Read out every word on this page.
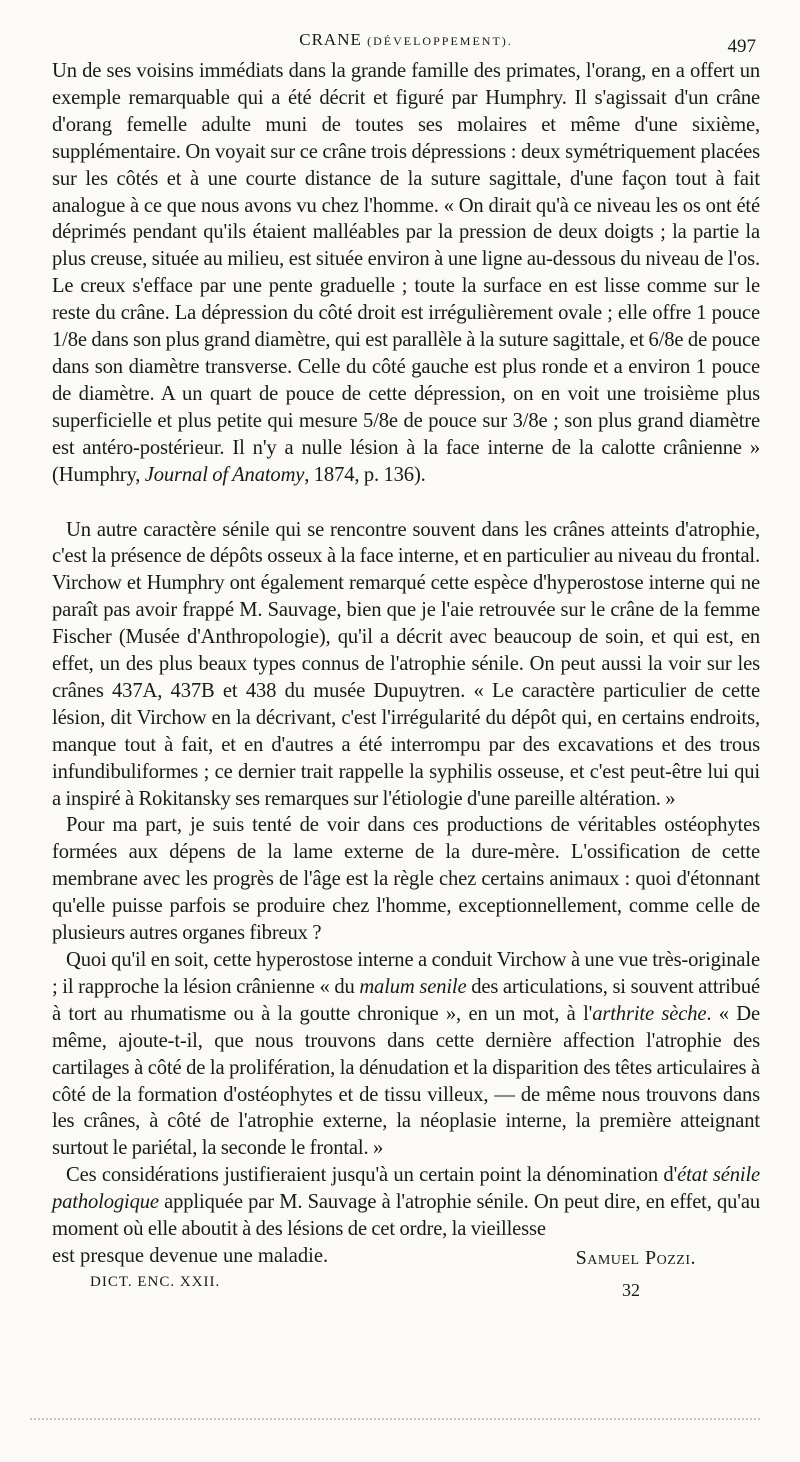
CRANE (DÉVELOPPEMENT).	497

Un de ses voisins immédiats dans la grande famille des primates, l'orang, en a offert un exemple remarquable qui a été décrit et figuré par Humphry. Il s'agissait d'un crâne d'orang femelle adulte muni de toutes ses molaires et même d'une sixième, supplémentaire. On voyait sur ce crâne trois dépressions : deux symétriquement placées sur les côtés et à une courte distance de la suture sagittale, d'une façon tout à fait analogue à ce que nous avons vu chez l'homme. « On dirait qu'à ce niveau les os ont été déprimés pendant qu'ils étaient malléables par la pression de deux doigts ; la partie la plus creuse, située au milieu, est située environ à une ligne au-dessous du niveau de l'os. Le creux s'efface par une pente graduelle ; toute la surface en est lisse comme sur le reste du crâne. La dépression du côté droit est irrégulièrement ovale ; elle offre 1 pouce 1/8e dans son plus grand diamètre, qui est parallèle à la suture sagittale, et 6/8e de pouce dans son diamètre transverse. Celle du côté gauche est plus ronde et a environ 1 pouce de diamètre. A un quart de pouce de cette dépression, on en voit une troisième plus superficielle et plus petite qui mesure 5/8e de pouce sur 3/8e ; son plus grand diamètre est antéro-postérieur. Il n'y a nulle lésion à la face interne de la calotte crânienne » (Humphry, Journal of Anatomy, 1874, p. 136).

Un autre caractère sénile qui se rencontre souvent dans les crânes atteints d'atrophie, c'est la présence de dépôts osseux à la face interne, et en particulier au niveau du frontal. Virchow et Humphry ont également remarqué cette espèce d'hyperostose interne qui ne paraît pas avoir frappé M. Sauvage, bien que je l'aie retrouvée sur le crâne de la femme Fischer (Musée d'Anthropologie), qu'il a décrit avec beaucoup de soin, et qui est, en effet, un des plus beaux types connus de l'atrophie sénile. On peut aussi la voir sur les crânes 437A, 437B et 438 du musée Dupuytren. « Le caractère particulier de cette lésion, dit Virchow en la décrivant, c'est l'irrégularité du dépôt qui, en certains endroits, manque tout à fait, et en d'autres a été interrompu par des excavations et des trous infundibuliformes ; ce dernier trait rappelle la syphilis osseuse, et c'est peut-être lui qui a inspiré à Rokitansky ses remarques sur l'étiologie d'une pareille altération. »

Pour ma part, je suis tenté de voir dans ces productions de véritables ostéophytes formées aux dépens de la lame externe de la dure-mère. L'ossification de cette membrane avec les progrès de l'âge est la règle chez certains animaux : quoi d'étonnant qu'elle puisse parfois se produire chez l'homme, exceptionnellement, comme celle de plusieurs autres organes fibreux ?

Quoi qu'il en soit, cette hyperostose interne a conduit Virchow à une vue très-originale ; il rapproche la lésion crânienne « du malum senile des articulations, si souvent attribué à tort au rhumatisme ou à la goutte chronique », en un mot, à l'arthrite sèche. « De même, ajoute-t-il, que nous trouvons dans cette dernière affection l'atrophie des cartilages à côté de la prolifération, la dénudation et la disparition des têtes articulaires à côté de la formation d'ostéophytes et de tissu villeux, — de même nous trouvons dans les crânes, à côté de l'atrophie externe, la néoplasie interne, la première atteignant surtout le pariétal, la seconde le frontal. »

Ces considérations justifieraient jusqu'à un certain point la dénomination d'état sénile pathologique appliquée par M. Sauvage à l'atrophie sénile. On peut dire, en effet, qu'au moment où elle aboutit à des lésions de cet ordre, la vieillesse

est presque devenue une maladie.	Samuel Pozzi.
DICT. ENC. XXII.	32
